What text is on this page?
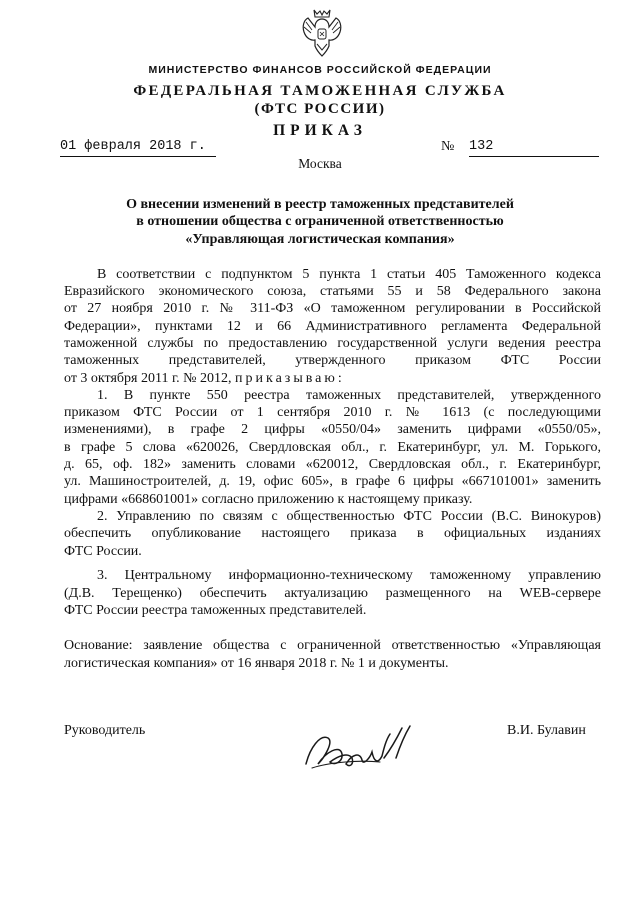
МИНИСТЕРСТВО ФИНАНСОВ РОССИЙСКОЙ ФЕДЕРАЦИИ
ФЕДЕРАЛЬНАЯ ТАМОЖЕННАЯ СЛУЖБА
(ФТС РОССИИ)
ПРИКАЗ
01 февраля 2018 г.	№	132
Москва
О внесении изменений в реестр таможенных представителей
в отношении общества с ограниченной ответственностью
«Управляющая логистическая компания»
В соответствии с подпунктом 5 пункта 1 статьи 405 Таможенного кодекса
Евразийского экономического союза, статьями 55 и 58 Федерального закона
от 27 ноября 2010 г. № 311-ФЗ «О таможенном регулировании в Российской
Федерации», пунктами 12 и 66 Административного регламента Федеральной
таможенной службы по предоставлению государственной услуги ведения реестра
таможенных представителей, утвержденного приказом ФТС России
от 3 октября 2011 г. № 2012, приказываю:
1. В пункте 550 реестра таможенных представителей, утвержденного
приказом ФТС России от 1 сентября 2010 г. № 1613 (с последующими
изменениями), в графе 2 цифры «0550/04» заменить цифрами «0550/05»,
в графе 5 слова «620026, Свердловская обл., г. Екатеринбург, ул. М. Горького,
д. 65, оф. 182» заменить словами «620012, Свердловская обл., г. Екатеринбург,
ул. Машиностроителей, д. 19, офис 605», в графе 6 цифры «667101001» заменить
цифрами «668601001» согласно приложению к настоящему приказу.
2. Управлению по связям с общественностью ФТС России (В.С. Винокуров)
обеспечить опубликование настоящего приказа в официальных изданиях
ФТС России.
3. Центральному информационно-техническому таможенному управлению
(Д.В. Терещенко) обеспечить актуализацию размещенного на WEB-сервере
ФТС России реестра таможенных представителей.
Основание: заявление общества с ограниченной ответственностью «Управляющая
логистическая компания» от 16 января 2018 г. № 1 и документы.
Руководитель	В.И. Булавин
